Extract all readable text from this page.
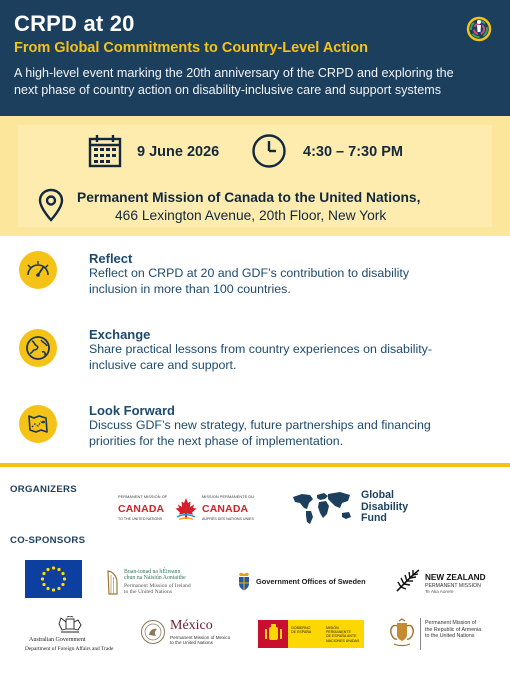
CRPD at 20
From Global Commitments to Country-Level Action
A high-level event marking the 20th anniversary of the CRPD and exploring the
next phase of country action on disability-inclusive care and support systems
9 June 2026	4:30 – 7:30 PM
Permanent Mission of Canada to the United Nations,
466 Lexington Avenue, 20th Floor, New York
Reflect
Reflect on CRPD at 20 and GDF’s contribution to disability
inclusion in more than 100 countries.
Exchange
Share practical lessons from country experiences on disability-
inclusive care and support.
Look Forward
Discuss GDF’s new strategy, future partnerships and financing
priorities for the next phase of implementation.
ORGANIZERS
PERMANENT MISSION OF	MISSION PERMANENTE DU
CANADA	CANADA
TO THE UNITED NATIONS	AUPRÈS DES NATIONS UNIES
Global
Disability
Fund
CO-SPONSORS
Buan-ionad na hÉireann
chun na Náisiún Aontaithe
Permanent Mission of Ireland
to the United Nations
Government Offices of Sweden	NEW ZEALAND
PERMANENT MISSION
Te Aka Aorere
Australian Government
Department of Foreign Affairs and Trade
México
Permanent Mission of Mexico
to the United Nations
GOBIERNO
DE ESPAÑA
MISIÓN PERMANENTE
DE ESPAÑA ANTE
NACIONES UNIDAS
Permanent Mission of
the Republic of Armenia
to the United Nations
